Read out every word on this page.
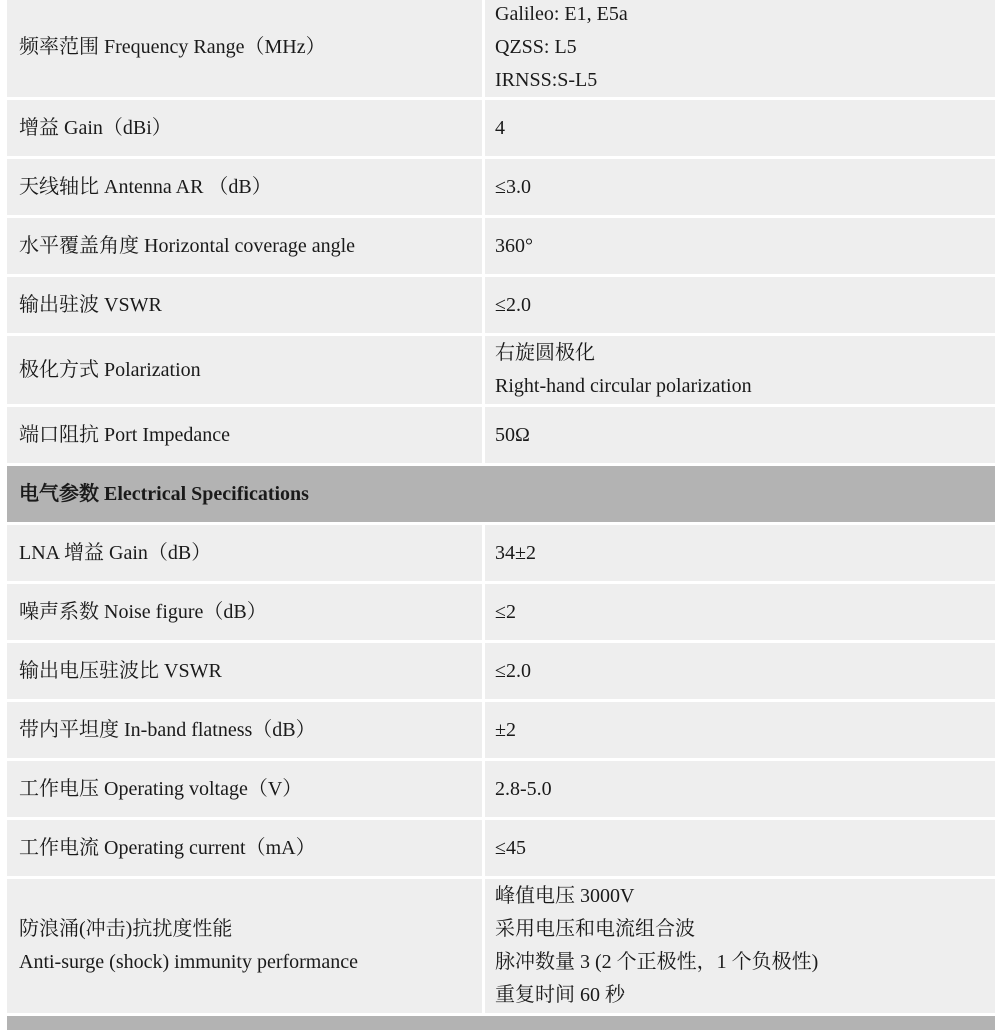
频率范围 Frequency Range（MHz）	Galileo: E1, E5a
QZSS: L5
IRNSS:S-L5

增益 Gain（dBi）	4

天线轴比 Antenna AR （dB）	≤3.0

水平覆盖角度 Horizontal coverage angle	360°

输出驻波 VSWR	≤2.0

极化方式 Polarization	右旋圆极化
Right-hand circular polarization

端口阻抗 Port Impedance	50Ω

电气参数 Electrical Specifications	

LNA 增益 Gain（dB）	34±2

噪声系数 Noise figure（dB）	≤2

输出电压驻波比 VSWR	≤2.0

带内平坦度 In-band flatness（dB）	±2

工作电压 Operating voltage（V）	2.8-5.0

工作电流 Operating current（mA）	≤45

防浪涌(冲击)抗扰度性能
Anti-surge (shock) immunity performance	峰值电压 3000V
采用电压和电流组合波
脉冲数量 3 (2 个正极性，1 个负极性)
重复时间 60 秒
